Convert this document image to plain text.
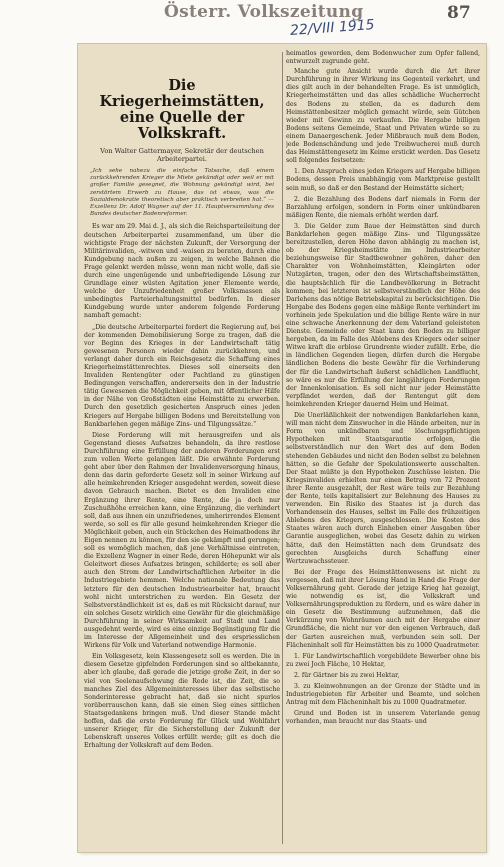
Österr. Volkszeitung	87
22/VIII 1915
Die Kriegerheimstätten, eine Quelle der Volkskraft.
Von Walter Gattermayer, Sekretär der deutschen Arbeiterpartei.
„Ich sehe nahezu die einfache Tatsache, daß einem zurückkehrenden Krieger die Miete gekündigt oder weil er mit großer Familie gesegnet, die Wohnung gekündigt wird, bei zerstörtem Erwerb zu Hause, das ist etwas, was die Sozialdemokratie theoretisch aber praktisch verbreiten hat.“ — Exzellenz Dr. Adolf Wagner auf der 11. Hauptversammlung des Bundes deutscher Bodenreformer.

Es war am 29. Mai d. J., als sich die Reichsparteileitung der deutschen Arbeiterpartei zusammenfand, um über die wichtigste Frage der nächsten Zukunft, der Versorgung der Militärinvaliden, -witwen und -waisen zu beraten, durch eine Kundgebung nach außen zu zeigen, in welche Bahnen die Frage gelenkt werden müsse, wenn man nicht wolle, daß sie durch eine ungenügende und unbefriedigende Lösung zur Grundlage einer wüsten Agitation jener Elemente werde, welche der Unzufriedenheit großer Volksmassen als unbedingtes Parteierhaltungsmittel bedürfen. In dieser Kundgebung wurde unter anderem folgende Forderung namhaft gemacht:

„Die deutsche Arbeiterpartei fordert die Regierung auf, bei der kommenden Demobilisierung Sorge zu tragen, daß die vor Beginn des Krieges in der Landwirtschaft tätig gewesenen Personen wieder dahin zurückkehren, und verlangt daher durch ein Reichsgesetz die Schaffung eines Kriegerheimstättenrechtes. Dieses soll einerseits den Invaliden Rentengüter oder Pachtland zu günstigen Bedingungen verschaffen, andererseits den in der Industrie tätig Gewesenen die Möglichkeit geben, mit öffentlicher Hilfe in der Nähe von Großstädten eine Heimstätte zu erwerben. Durch den gesetzlich gesicherten Anspruch eines jeden Kriegers auf Hergabe billigen Bodens und Bereitstellung von Bankbarlehen gegen mäßige Zins- und Tilgungssätze.“

Diese Forderung will mit herausgreifen und als Gegenstand dieses Aufsatzes behandeln, da ihre restlose Durchführung eine Erfüllung der anderen Forderungen erst zum vollen Werte gelangen läßt. Die erwähnte Forderung geht aber über den Rahmen der Invalidenversorgung hinaus, denn das darin geforderte Gesetz soll in seiner Wirkung auf alle heimkehrenden Krieger ausgedehnt werden, soweit diese davon Gebrauch machen. Bietet es den Invaliden eine Ergänzung ihrer Rente, eine Rente, die ja doch nur Zuschußhöhe erreichen kann, eine Ergänzung, die verhindert soll, daß aus ihnen ein unzufriedenes, umherirrendes Element werde, so soll es für alle gesund heimkehrenden Krieger die Möglichkeit geben, auch ein Stückchen des Heimatbodens ihr Eigen nennen zu können, für den sie gekämpft und gerungen; soll es womöglich machen, daß jene Verhältnisse eintreten, die Exzellenz Wagner in einer Rede, deren Höhepunkt wir als Geleitwort dieses Aufsatzes bringen, schilderte; es soll aber auch den Strom der Landwirtschaftlichen Arbeiter in die Industriegebiete hemmen. Welche nationale Bedeutung das letztere für den deutschen Industriearbeiter hat, braucht wohl nicht unterstrichen zu werden. Ein Gesetz der Selbstverständlichkeit ist es, daß es mit Rücksicht darauf, nur ein solches Gesetz wirklich eine Gewähr für die gleichmäßige Durchführung in seiner Wirksamkeit auf Stadt und Land ausgedehnt werde, wird es eine einzige Begünstigung für die im Interesse der Allgemeinheit und des erspriesslichen Wirkens für Volk und Vaterland notwendige Harmonie.

Ein Volksgesetz, kein Klassengesetz soll es werden. Die in diesem Gesetze gipfelnden Forderungen sind so altbekannte, aber ich glaube, daß gerade die jetzige große Zeit, in der so viel von Seelenaufschwung die Rede ist, die Zeit, die so manches Ziel des Allgemeininteresses über das selbstische Sonderinteresse gebracht hat, daß sie nicht spurlos vorüberrauschen kann, daß sie einen Sieg eines sittlichen Staatsgedankens bringen muß. Und dieser Stande mächt hoffen, daß die erste Forderung für Glück und Wohlfahrt unserer Krieger, für die Sicherstellung der Zukunft der Lebenskraft unseres Volkes erfüllt werde; gilt es doch die Erhaltung der Volkskraft auf dem Boden.

heimatlos geworden, dem Bodenwucher zum Opfer fallend, entwurzelt zugrunde geht.

Manche gute Ansicht wurde durch die Art ihrer Durchführung in ihrer Wirkung ins Gegenteil verkehrt, und dies gilt auch in der behandelten Frage. Es ist unmöglich, Kriegerheimstätten und das alles schädliche Wucherrecht des Bodens zu stellen, da es dadurch dem Heimstättenbesitzer möglich gemacht würde, sein Gütchen wieder mit Gewinn zu verkaufen. Die Hergabe billigen Bodens seitens Gemeinde, Staat und Privaten würde so zu einem Danaergeschenk. Jeder Mißbrauch muß dem Boden, jede Bodenschändung und jede Treibwucherei muß durch das Heimstättengesetz im Keime erstickt werden. Das Gesetz soll folgendes festsetzen:

1. Den Anspruch eines jeden Kriegers auf Hergabe billigen Bodens, dessen Preis unabhängig vom Marktpreise gestellt sein muß, so daß er den Bestand der Heimstätte sichert;

2. die Bezahlung des Bodens darf niemals in Form der Barzahlung erfolgen, sondern in Form einer unkündbaren mäßigen Rente, die niemals erhöht werden darf.

3. Die Gelder zum Baue der Heimstätten sind durch Bankdarlehen gegen mäßige Zins- und Tilgungssätze bereitzustellen, deren Höhe davon abhängig zu machen ist, ob der Kriegsheimstätte im Industriearbeiter beziehungsweise für Stadtbewohner gehören, daher den Charakter von Wohnheimstätten, Kleingärten oder Nutzgärten, tragen, oder den des Wirtschaftsheimstätten, die hauptsächlich für die Landbevölkerung in Betracht kommen; bei letzteren ist selbstverständlich der Höhe des Darlehens das nötige Betriebskapital zu berücksichtigen. Die Hergabe des Bodens gegen eine mäßige Rente verhindert im vorhinein jede Spekulation und die billige Rente wäre in nur eine schwache Anerkennung der dem Vaterland geleisteten Dienste. Gemeinde oder Staat kann den Boden zu billiger hergeben, da im Falle des Ablebens des Kriegers oder seiner Witwe kraft die erblose Grundrente wieder zufällt. Erbe, die in ländlichen Gegenden liegen, dürfen durch die Hergabe ländlichen Bodens die beste Gewähr für die Verhinderung der für die Landwirtschaft äußerst schädlichen Landflucht, so wäre es nur die Erfüllung der langjährigen Forderungen der Innenkolonisation. Es soll nicht nur jeder Heimstätte verpfändet werden, daß der Rentengut gilt dem heimkehrenden Krieger dauernd Heim und Heimat.

Die Unerläßlichkeit der notwendigen Bankdarlehen kann, will man nicht dem Zinswucher in die Hände arbeiten, nur in Form von unkündbaren und löschungspflichtigen Hypotheken mit Staatsgarantie erfolgen, die selbstverständlich nur den Wert des auf dem Boden stehenden Gebäudes und nicht den Boden selbst zu belehnen hätten, so die Gefahr der Spekulationswerte ausschalten. Der Staat müßte ja den Hypotheken Zuschüsse leisten. Die Kriegsinvaliden erhielten nur einen Betrag von 72 Prozent ihrer Rente ausgezahlt, der Rest wäre teils zur Bezahlung der Rente, teils kapitalisiert zur Belehnung des Hauses zu verwenden. Ein Risiko des Staates ist ja durch das Vorhandensein des Hauses, selbst im Falle des frühzeitigen Ablebens des Kriegers, ausgeschlossen. Die Kosten des Staates wären auch durch Einheben einer Ausgaben über Garantie ausgeglichen, wobei das Gesetz dahin zu wirken hätte, daß den Heimstätten nach dem Grundsatz des gerechten Ausgleichs durch Schaffung einer Wertzuwachssteuer.

Bei der Frage des Heimstättenwesens ist nicht zu vergessen, daß mit ihrer Lösung Hand in Hand die Frage der Volksernährung geht. Gerade der jetzige Krieg hat gezeigt, wie notwendig es ist, die Volkskraft und Volksernährungsproduktion zu fördern, und es wäre daher in ein Gesetz die Bestimmung aufzunehmen, daß die Verkürzung von Wohnräumen auch mit der Hergabe einer Grundfläche, die nicht nur vor den eigenen Verbrauch, daß der Garten ausreichen muß, verbunden sein soll. Der Flächeninhalt soll für Heimstätten bis zu 1000 Quadratmeter.

1. Für Landwirtschaftlich vorgebildete Bewerber ohne bis zu zwei Joch Fläche, 10 Hektar,

2. für Gärtner bis zu zwei Hektar,

3. zu Kleinwohnungen an der Grenze der Städte und in Industriegebieten für Arbeiter und Beamte, und solchen Antrag mit dem Flächeninhalt bis zu 1000 Quadratmeter.

Grund und Boden ist in unserem Vaterlande genug vorhanden, man braucht nur das Staats- und
